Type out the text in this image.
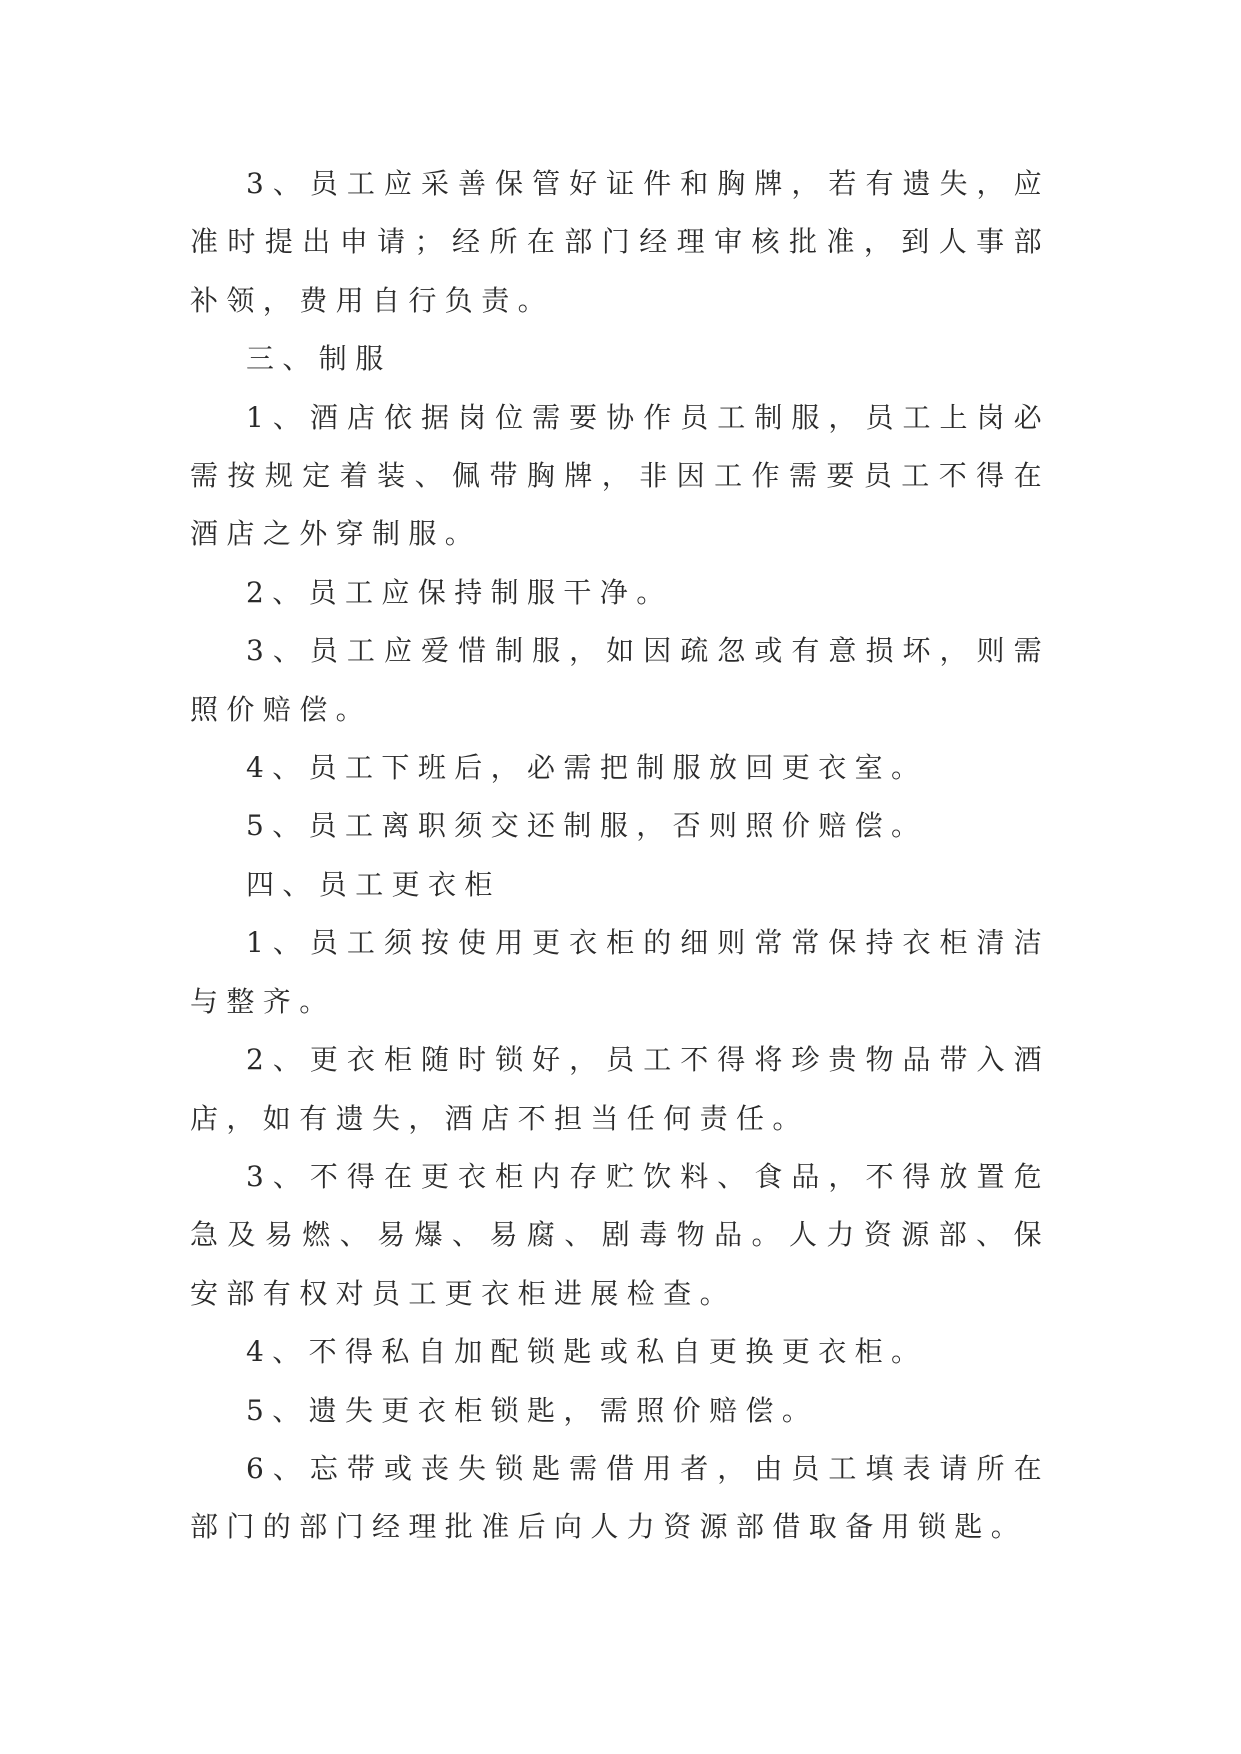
3、员工应采善保管好证件和胸牌，若有遗失，应准时提出申请；经所在部门经理审核批准，到人事部补领，费用自行负责。

三、制服

1、酒店依据岗位需要协作员工制服，员工上岗必需按规定着装、佩带胸牌，非因工作需要员工不得在酒店之外穿制服。

2、员工应保持制服干净。

3、员工应爱惜制服，如因疏忽或有意损坏，则需照价赔偿。

4、员工下班后，必需把制服放回更衣室。

5、员工离职须交还制服，否则照价赔偿。

四、员工更衣柜

1、员工须按使用更衣柜的细则常常保持衣柜清洁与整齐。

2、更衣柜随时锁好，员工不得将珍贵物品带入酒店，如有遗失，酒店不担当任何责任。

3、不得在更衣柜内存贮饮料、食品，不得放置危急及易燃、易爆、易腐、剧毒物品。人力资源部、保安部有权对员工更衣柜进展检查。

4、不得私自加配锁匙或私自更换更衣柜。

5、遗失更衣柜锁匙，需照价赔偿。

6、忘带或丧失锁匙需借用者，由员工填表请所在部门的部门经理批准后向人力资源部借取备用锁匙。
